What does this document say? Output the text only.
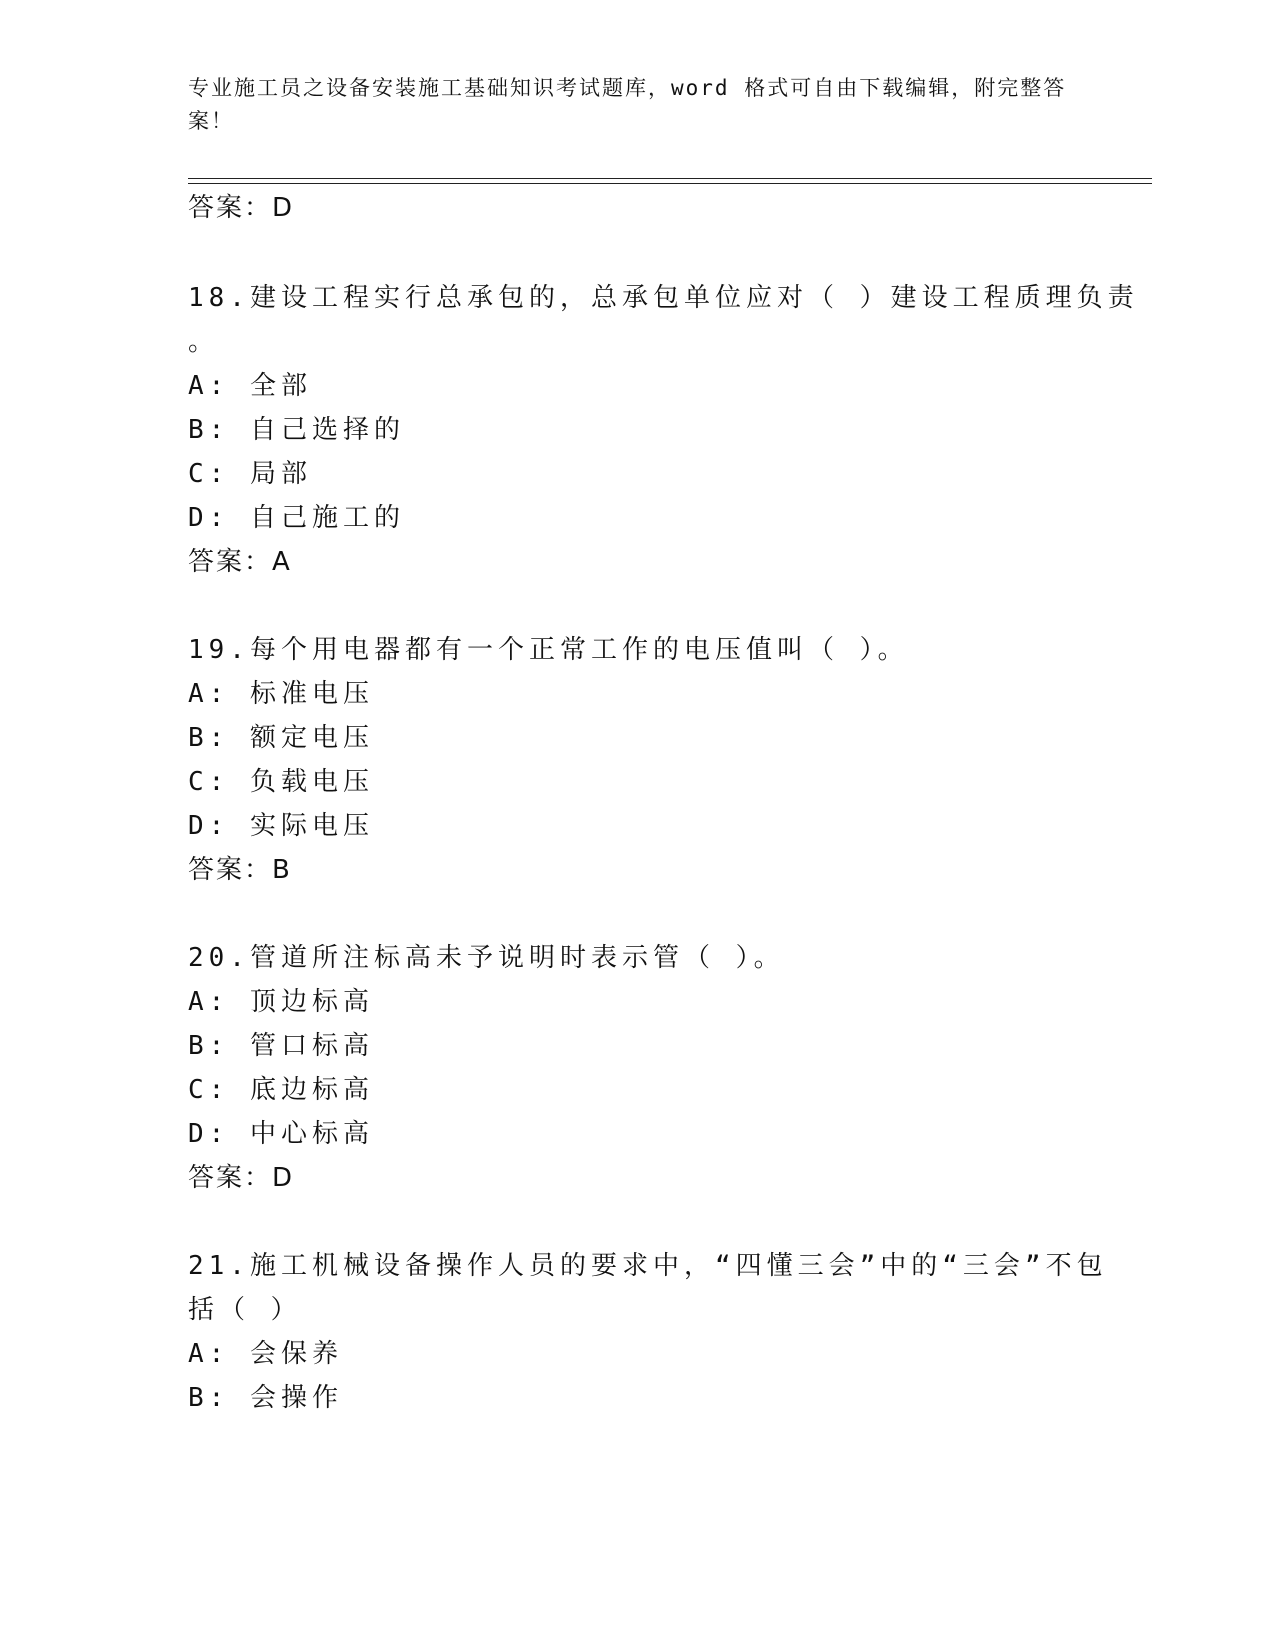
专业施工员之设备安装施工基础知识考试题库，word 格式可自由下载编辑，附完整答案！
答案：D
18.建设工程实行总承包的，总承包单位应对（ ）建设工程质理负责
。
A: 全部
B: 自己选择的
C: 局部
D: 自己施工的
答案：A
19.每个用电器都有一个正常工作的电压值叫（ ）。
A: 标准电压
B: 额定电压
C: 负载电压
D: 实际电压
答案：B
20.管道所注标高未予说明时表示管（ ）。
A: 顶边标高
B: 管口标高
C: 底边标高
D: 中心标高
答案：D
21.施工机械设备操作人员的要求中，“四懂三会”中的“三会”不包
括（ ）
A: 会保养
B: 会操作
